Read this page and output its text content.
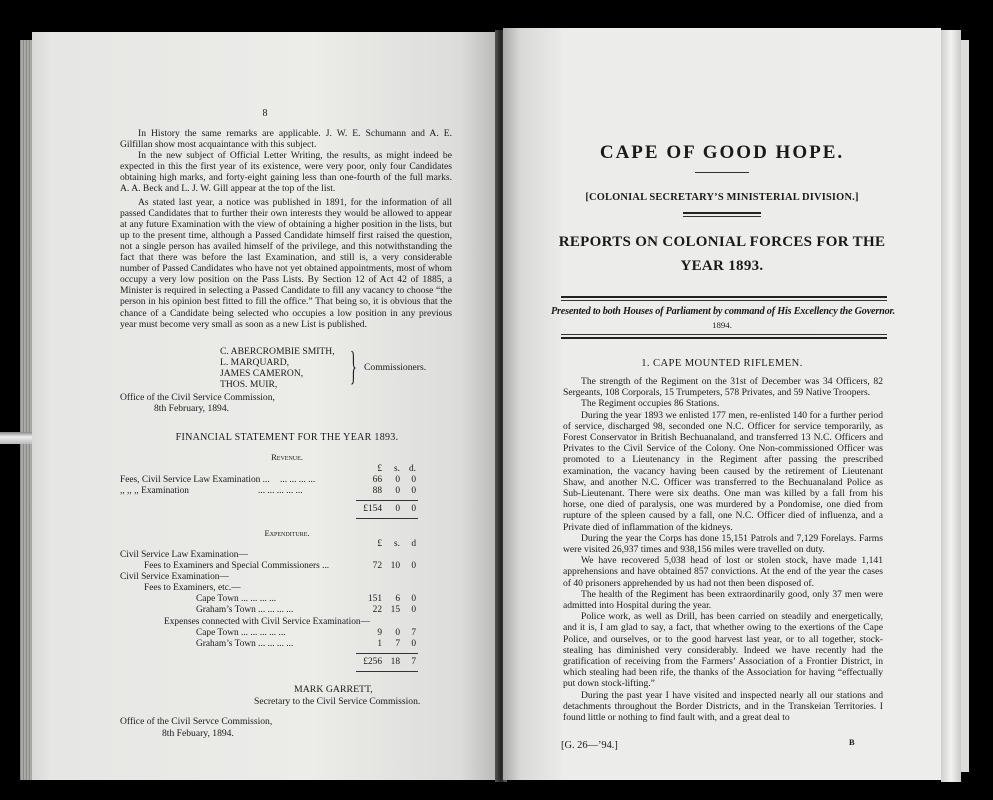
8

In History the same remarks are applicable. J. W. E. Schumann and A. E. Gilfillan show most acquaintance with this subject.

In the new subject of Official Letter Writing, the results, as might indeed be expected in this the first year of its existence, were very poor, only four Candidates obtaining high marks, and forty-eight gaining less than one-fourth of the full marks. A. A. Beck and L. J. W. Gill appear at the top of the list.

As stated last year, a notice was published in 1891, for the information of all passed Candidates that to further their own interests they would be allowed to appear at any future Examination with the view of obtaining a higher position in the lists, but up to the present time, although a Passed Candidate himself first raised the question, not a single person has availed himself of the privilege, and this notwithstanding the fact that there was before the last Examination, and still is, a very considerable number of Passed Candidates who have not yet obtained appointments, most of whom occupy a very low position on the Pass Lists. By Section 12 of Act 42 of 1885, a Minister is required in selecting a Passed Candidate to fill any vacancy to choose “the person in his opinion best fitted to fill the office.” That being so, it is obvious that the chance of a Candidate being selected who occupies a low position in any previous year must become very small as soon as a new List is published.

C. ABERCROMBIE SMITH,
L. MARQUARD,
JAMES CAMERON,
THOS. MUIR,	} Commissioners.
Office of the Civil Service Commission,
8th February, 1894.
FINANCIAL STATEMENT FOR THE YEAR 1893.
Revenue.
£	s. d.
Fees, Civil Service Law Examination ... ... ... ... ...	66	0	0
,, ,, ,, Examination	... ... ... ... ...	88	0	0
£154	0	0
Expenditure.
£	s.	d
Civil Service Law Examination—
Fees to Examiners and Special Commissioners ...	72 10	0
Civil Service Examination—
Fees to Examiners, etc.—
Cape Town ... ... ... ...	151	6	0
Graham’s Town ... ... ... ...	22 15	0
Expenses connected with Civil Service Examination—
Cape Town ... ... ... ... ...	9	0	7
Graham’s Town ... ... ... ...	1	7	0
£256 18	7
MARK GARRETT,
Secretary to the Civil Service Commission.
Office of the Civil Servce Commission,
8th Febuary, 1894.
CAPE OF GOOD HOPE.
[COLONIAL SECRETARY’S MINISTERIAL DIVISION.]
REPORTS ON COLONIAL FORCES FOR THE
YEAR 1893.
Presented to both Houses of Parliament by command of His Excellency the Governor.
1894.
1. CAPE MOUNTED RIFLEMEN.

The strength of the Regiment on the 31st of December was 34 Officers, 82 Sergeants, 108 Corporals, 15 Trumpeters, 578 Privates, and 59 Native Troopers.

The Regiment occupies 86 Stations.

During the year 1893 we enlisted 177 men, re-enlisted 140 for a further period of service, discharged 98, seconded one N.C. Officer for service temporarily, as Forest Conservator in British Bechuanaland, and transferred 13 N.C. Officers and Privates to the Civil Service of the Colony. One Non-commissioned Officer was promoted to a Lieutenancy in the Regiment after passing the prescribed examination, the vacancy having been caused by the retirement of Lieutenant Shaw, and another N.C. Officer was transferred to the Bechuanaland Police as Sub-Lieutenant. There were six deaths. One man was killed by a fall from his horse, one died of paralysis, one was murdered by a Pondomise, one died from rupture of the spleen caused by a fall, one N.C. Officer died of influenza, and a Private died of inflammation of the kidneys.

During the year the Corps has done 15,151 Patrols and 7,129 Forelays. Farms were visited 26,937 times and 938,156 miles were travelled on duty.

We have recovered 5,038 head of lost or stolen stock, have made 1,141 apprehensions and have obtained 857 convictions. At the end of the year the cases of 40 prisoners apprehended by us had not then been disposed of.

The health of the Regiment has been extraordinarily good, only 37 men were admitted into Hospital during the year.

Police work, as well as Drill, has been carried on steadily and energetically, and it is, I am glad to say, a fact, that whether owing to the exertions of the Cape Police, and ourselves, or to the good harvest last year, or to all together, stock-stealing has diminished very considerably. Indeed we have recently had the gratification of receiving from the Farmers’ Association of a Frontier District, in which stealing had been rife, the thanks of the Association for having “effectually put down stock-lifting.”

During the past year I have visited and inspected nearly all our stations and detachments throughout the Border Districts, and in the Transkeian Territories. I found little or nothing to find fault with, and a great deal to

[G. 26—’94.]	B
